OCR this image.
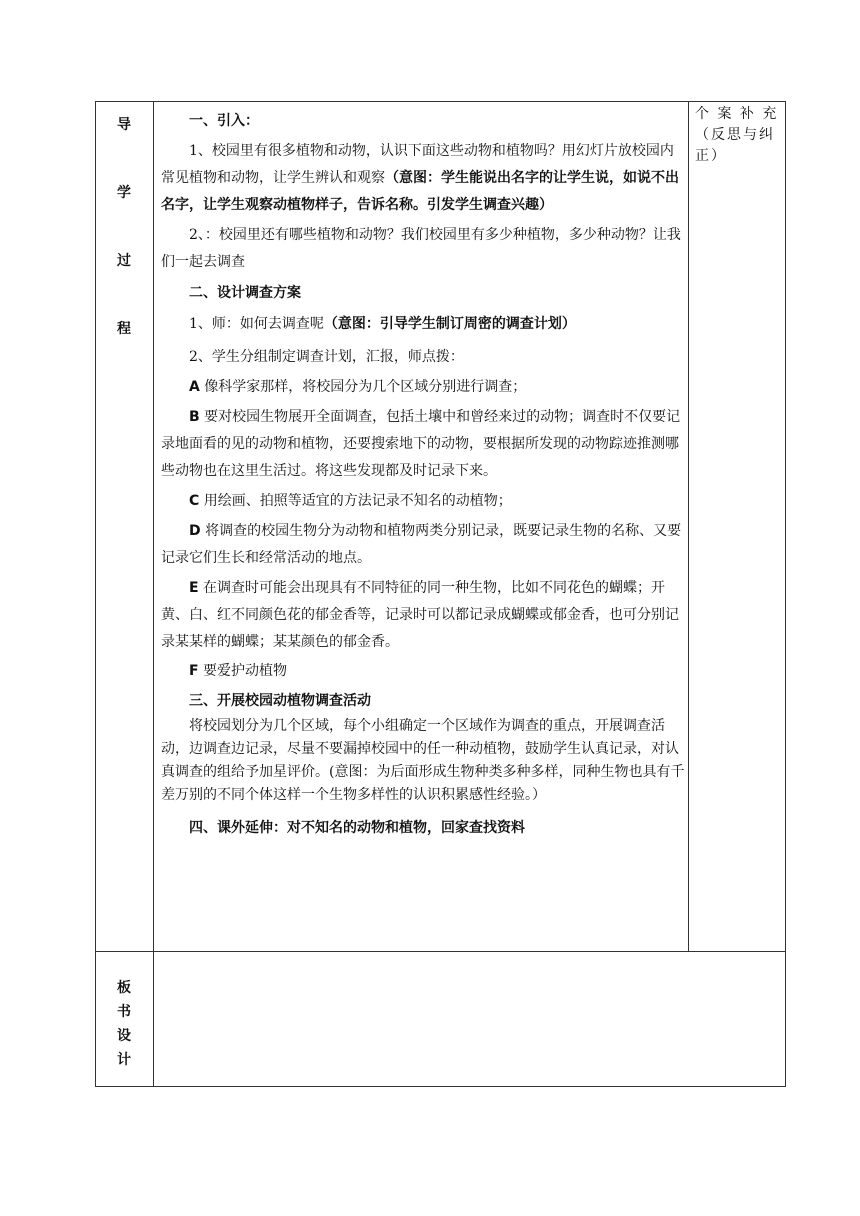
导
学
过
程
板
书
设
计
个 案 补 充
（反思与纠
正）

一、引入：

1、校园里有很多植物和动物，认识下面这些动物和植物吗？用幻灯片放校园内常见植物和动物，让学生辨认和观察（意图：学生能说出名字的让学生说，如说不出名字，让学生观察动植物样子，告诉名称。引发学生调查兴趣）

2、：校园里还有哪些植物和动物？我们校园里有多少种植物，多少种动物？让我们一起去调查

二、设计调查方案

1、师：如何去调查呢（意图：引导学生制订周密的调查计划）

2、学生分组制定调查计划，汇报，师点拨：

A 像科学家那样，将校园分为几个区域分别进行调查；

B 要对校园生物展开全面调查，包括土壤中和曾经来过的动物；调查时不仅要记录地面看的见的动物和植物，还要搜索地下的动物，要根据所发现的动物踪迹推测哪些动物也在这里生活过。将这些发现都及时记录下来。

C 用绘画、拍照等适宜的方法记录不知名的动植物；

D 将调查的校园生物分为动物和植物两类分别记录，既要记录生物的名称、又要记录它们生长和经常活动的地点。

E 在调查时可能会出现具有不同特征的同一种生物，比如不同花色的蝴蝶；开黄、白、红不同颜色花的郁金香等，记录时可以都记录成蝴蝶或郁金香，也可分别记录某某样的蝴蝶；某某颜色的郁金香。

F 要爱护动植物

三、开展校园动植物调查活动

将校园划分为几个区域，每个小组确定一个区域作为调查的重点，开展调查活动，边调查边记录，尽量不要漏掉校园中的任一种动植物，鼓励学生认真记录，对认真调查的组给予加星评价。(意图：为后面形成生物种类多种多样，同种生物也具有千差万别的不同个体这样一个生物多样性的认识积累感性经验。）

四、课外延伸：对不知名的动物和植物，回家查找资料
